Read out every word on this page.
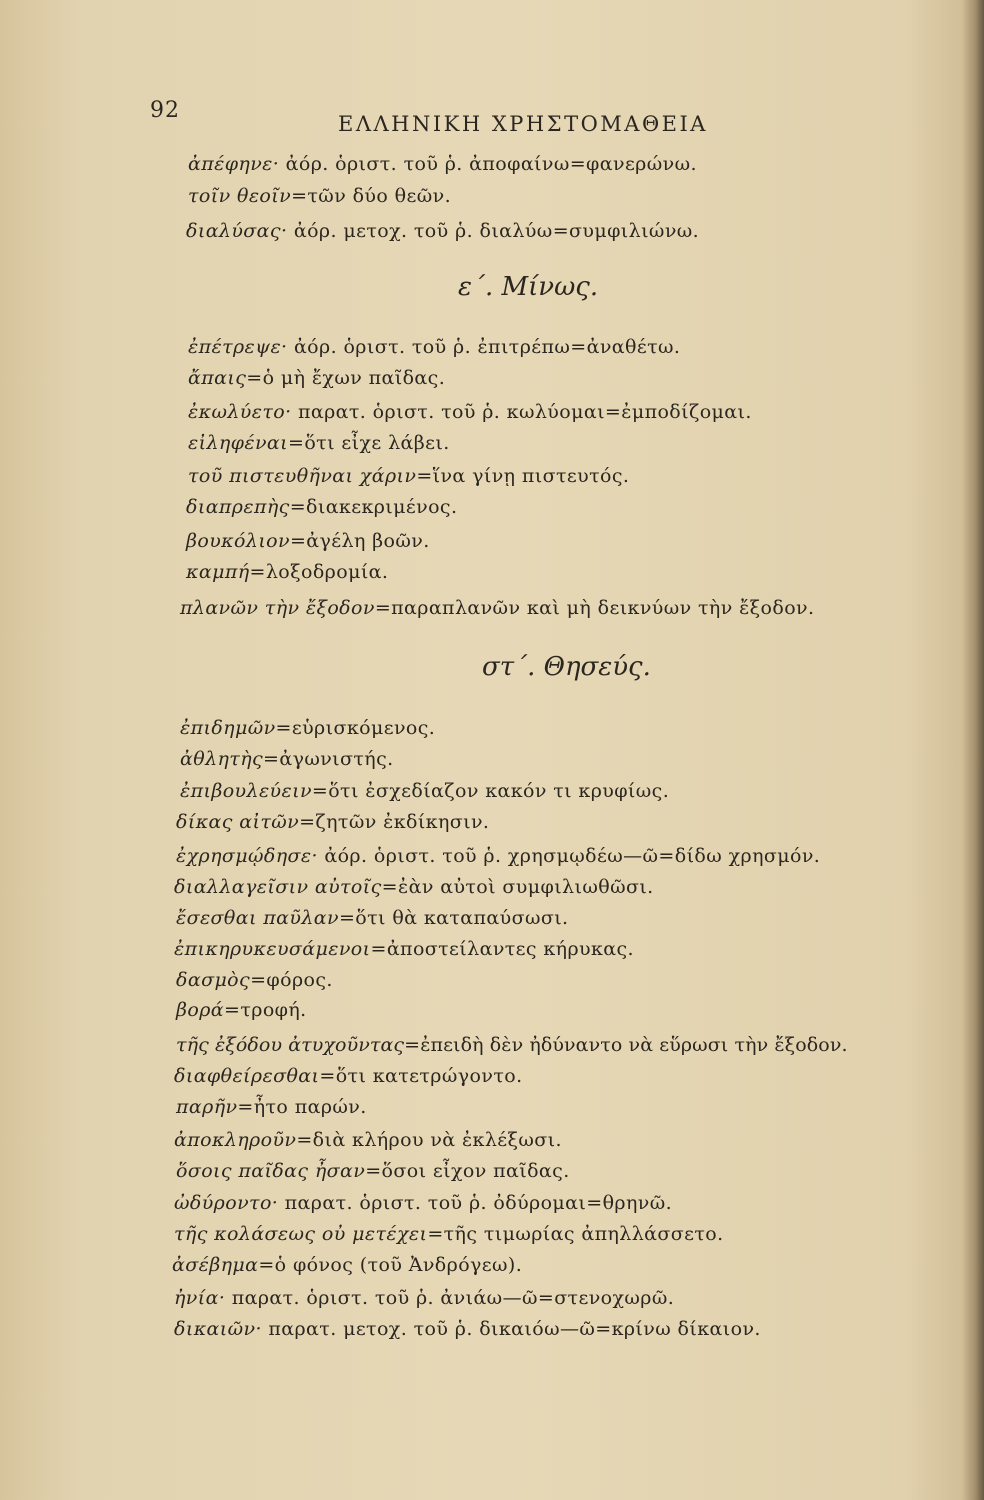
92
ΕΛΛΗΝΙΚΗ ΧΡΗΣΤΟΜΑΘΕΙΑ
ἀπέφηνε· ἀόρ. ὁριστ. τοῦ ῥ. ἀποφαίνω=φανερώνω.
τοῖν θεοῖν=τῶν δύο θεῶν.
διαλύσας· ἀόρ. μετοχ. τοῦ ῥ. διαλύω=συμφιλιώνω.
ε΄. Μίνως.
ἐπέτρεψε· ἀόρ. ὁριστ. τοῦ ῥ. ἐπιτρέπω=ἀναθέτω.
ἄπαις=ὁ μὴ ἔχων παῖδας.
ἐκωλύετο· παρατ. ὁριστ. τοῦ ῥ. κωλύομαι=ἐμποδίζομαι.
εἰληφέναι=ὅτι εἶχε λάβει.
τοῦ πιστευθῆναι χάριν=ἵνα γίνῃ πιστευτός.
διαπρεπὴς=διακεκριμένος.
βουκόλιον=ἀγέλη βοῶν.
καμπή=λοξοδρομία.
πλανῶν τὴν ἔξοδον=παραπλανῶν καὶ μὴ δεικνύων τὴν ἔξοδον.
στ΄. Θησεύς.
ἐπιδημῶν=εὑρισκόμενος.
ἀθλητὴς=ἀγωνιστής.
ἐπιβουλεύειν=ὅτι ἐσχεδίαζον κακόν τι κρυφίως.
δίκας αἰτῶν=ζητῶν ἐκδίκησιν.
ἐχρησμῴδησε· ἀόρ. ὁριστ. τοῦ ῥ. χρησμῳδέω—ῶ=δίδω χρησμόν.
διαλλαγεῖσιν αὐτοῖς=ἐὰν αὐτοὶ συμφιλιωθῶσι.
ἔσεσθαι παῦλαν=ὅτι θὰ καταπαύσωσι.
ἐπικηρυκευσάμενοι=ἀποστείλαντες κήρυκας.
δασμὸς=φόρος.
βορά=τροφή.
τῆς ἐξόδου ἀτυχοῦντας=ἐπειδὴ δὲν ἠδύναντο νὰ εὕρωσι τὴν ἔξοδον.
διαφθείρεσθαι=ὅτι κατετρώγοντο.
παρῆν=ἦτο παρών.
ἀποκληροῦν=διὰ κλήρου νὰ ἐκλέξωσι.
ὅσοις παῖδας ἦσαν=ὅσοι εἶχον παῖδας.
ὠδύροντο· παρατ. ὁριστ. τοῦ ῥ. ὀδύρομαι=θρηνῶ.
τῆς κολάσεως οὐ μετέχει=τῆς τιμωρίας ἀπηλλάσσετο.
ἀσέβημα=ὁ φόνος (τοῦ Ἀνδρόγεω).
ἠνία· παρατ. ὁριστ. τοῦ ῥ. ἀνιάω—ῶ=στενοχωρῶ.
δικαιῶν· παρατ. μετοχ. τοῦ ῥ. δικαιόω—ῶ=κρίνω δίκαιον.
